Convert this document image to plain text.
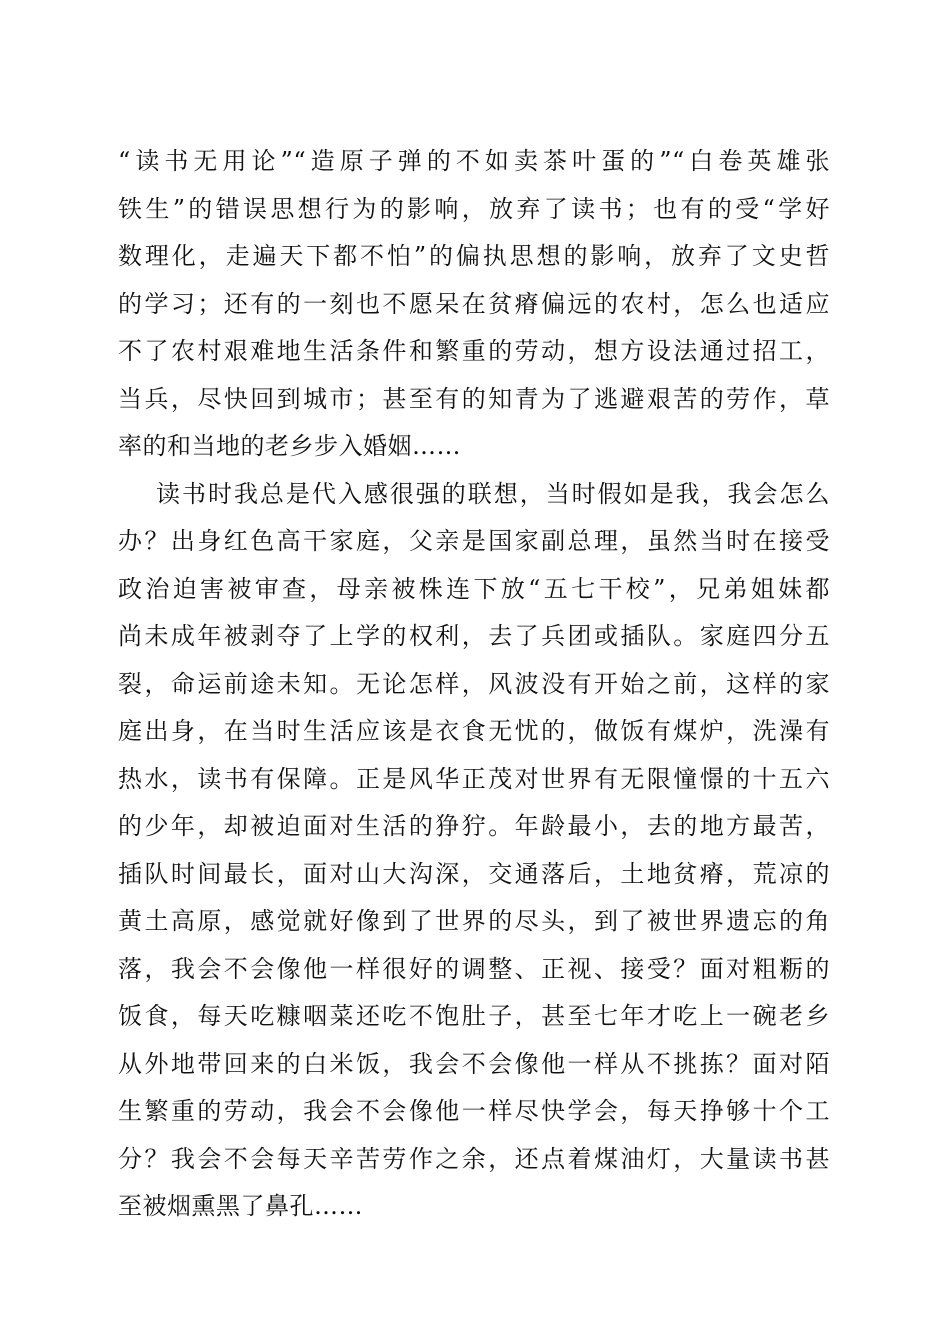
“读书无用论”“造原子弹的不如卖茶叶蛋的”“白卷英雄张
铁生”的错误思想行为的影响，放弃了读书；也有的受“学好
数理化，走遍天下都不怕”的偏执思想的影响，放弃了文史哲
的学习；还有的一刻也不愿呆在贫瘠偏远的农村，怎么也适应
不了农村艰难地生活条件和繁重的劳动，想方设法通过招工，
当兵，尽快回到城市；甚至有的知青为了逃避艰苦的劳作，草
率的和当地的老乡步入婚姻……
读书时我总是代入感很强的联想，当时假如是我，我会怎么
办？出身红色高干家庭，父亲是国家副总理，虽然当时在接受
政治迫害被审查，母亲被株连下放“五七干校”，兄弟姐妹都
尚未成年被剥夺了上学的权利，去了兵团或插队。家庭四分五
裂，命运前途未知。无论怎样，风波没有开始之前，这样的家
庭出身，在当时生活应该是衣食无忧的，做饭有煤炉，洗澡有
热水，读书有保障。正是风华正茂对世界有无限憧憬的十五六
的少年，却被迫面对生活的狰狞。年龄最小，去的地方最苦，
插队时间最长，面对山大沟深，交通落后，土地贫瘠，荒凉的
黄土高原，感觉就好像到了世界的尽头，到了被世界遗忘的角
落，我会不会像他一样很好的调整、正视、接受？面对粗粝的
饭食，每天吃糠咽菜还吃不饱肚子，甚至七年才吃上一碗老乡
从外地带回来的白米饭，我会不会像他一样从不挑拣？面对陌
生繁重的劳动，我会不会像他一样尽快学会，每天挣够十个工
分？我会不会每天辛苦劳作之余，还点着煤油灯，大量读书甚
至被烟熏黑了鼻孔……
